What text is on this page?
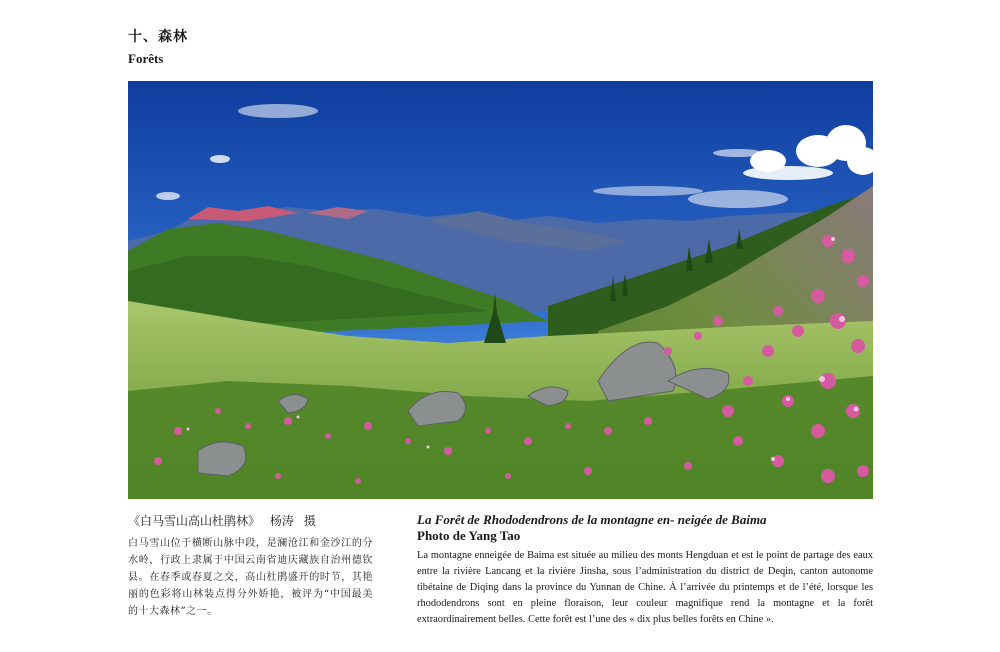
十、森林
Forêts
《白马雪山高山杜鹃林》 杨涛 摄
白马雪山位于横断山脉中段，是澜沧江和金沙江的分水岭，行政上隶属于中国云南省迪庆藏族自治州德钦县。在春季或春夏之交，高山杜鹃盛开的时节，其艳丽的色彩将山林装点得分外娇艳，被评为“中国最美的十大森林”之一。
La Forêt de Rhododendrons de la montagne en- neigée de Baima
Photo de Yang Tao
La montagne enneigée de Baima est située au milieu des monts Hengduan et est le point de partage des eaux entre la rivière Lancang et la rivière Jinsha, sous l’administration du district de Deqin, canton autonome tibétaine de Diqing dans la province du Yunnan de Chine. À l’arrivée du printemps et de l’été, lorsque les rhododendrons sont en pleine floraison, leur couleur magnifique rend la montagne et la forêt extraordinairement belles. Cette forêt est l’une des « dix plus belles forêts en Chine ».
